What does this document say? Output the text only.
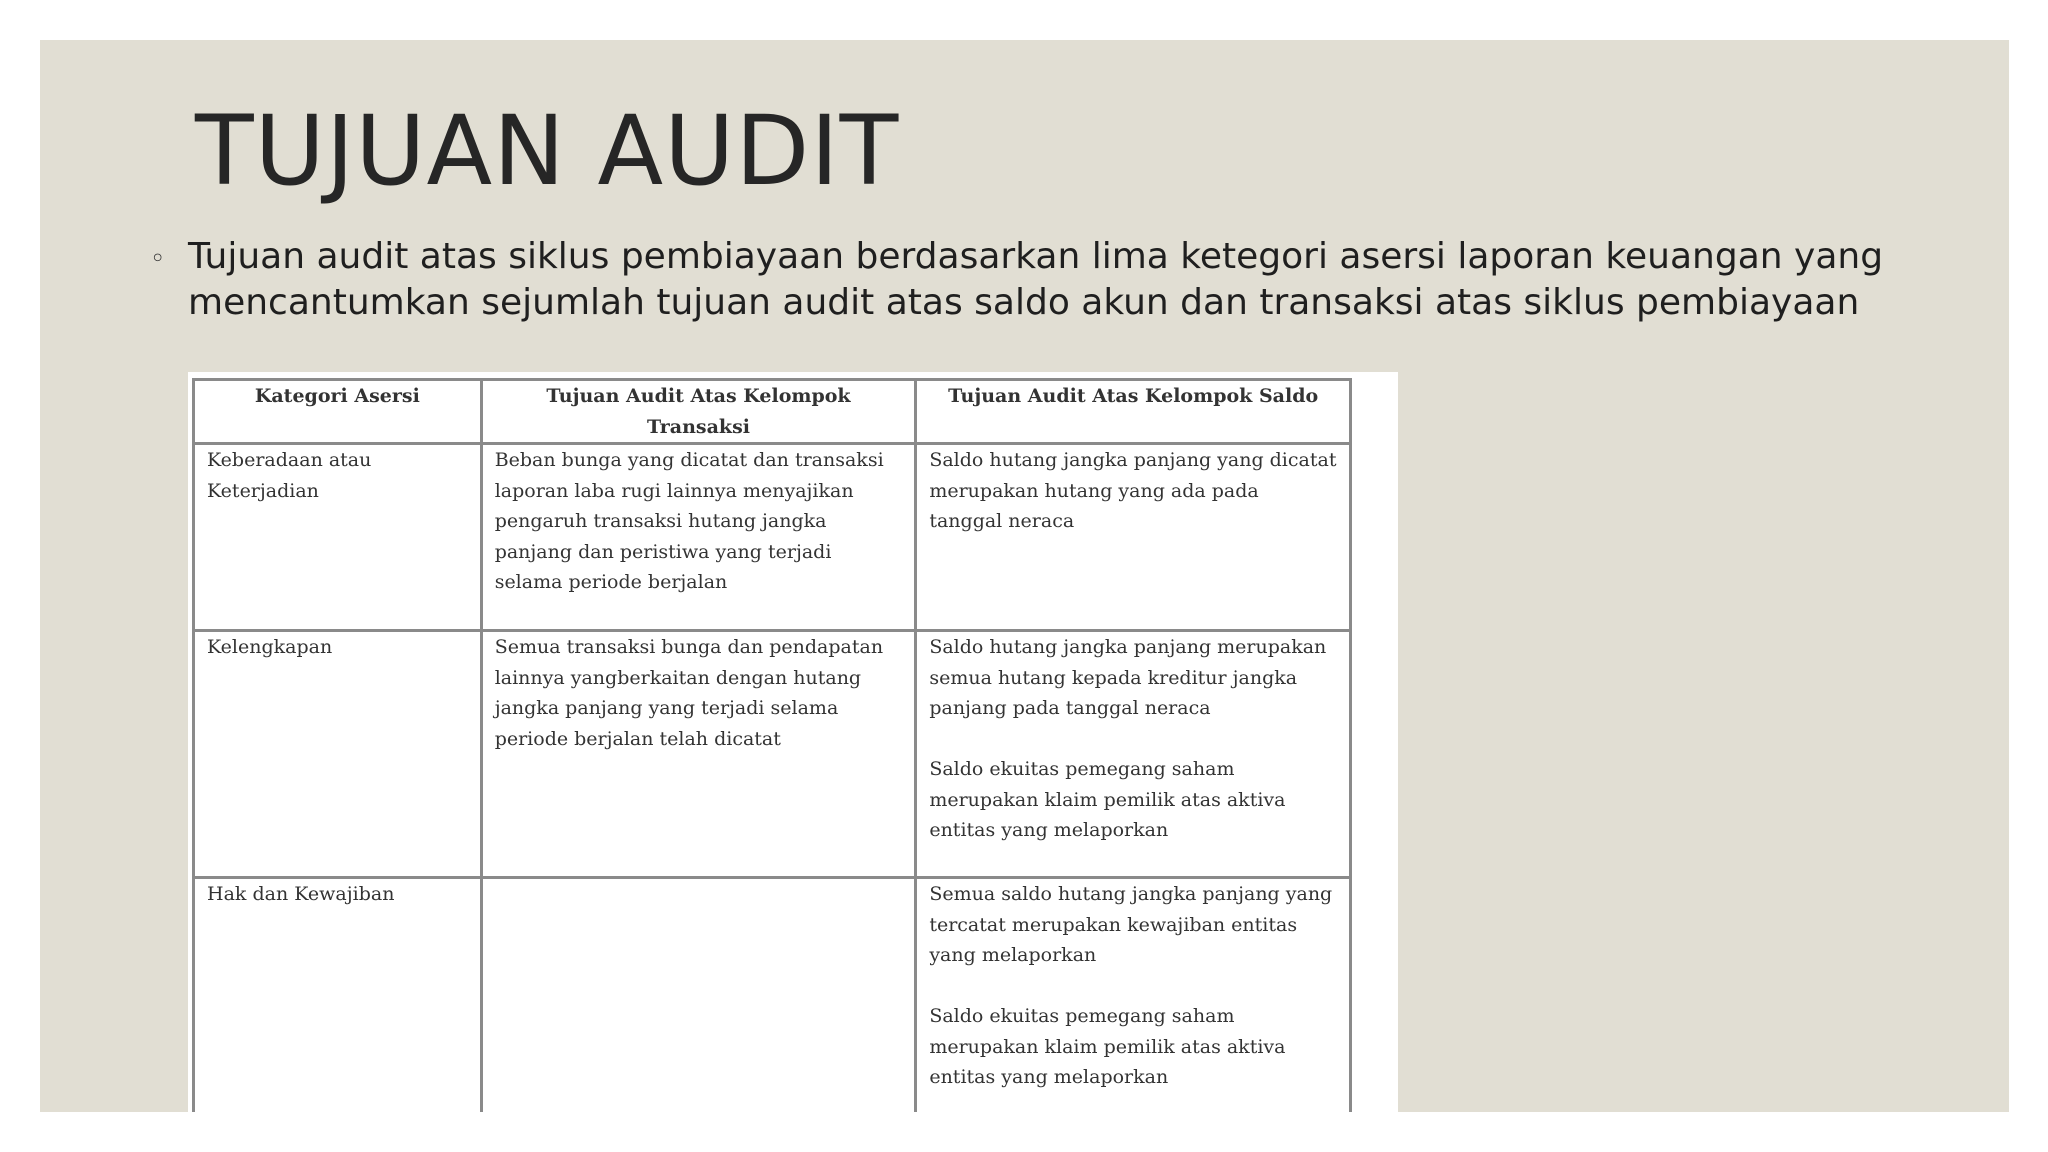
TUJUAN AUDIT
◦ Tujuan audit atas siklus pembiayaan berdasarkan lima ketegori asersi laporan keuangan yang mencantumkan sejumlah tujuan audit atas saldo akun dan transaksi atas siklus pembiayaan
Kategori Asersi	Tujuan Audit Atas Kelompok Transaksi	Tujuan Audit Atas Kelompok Saldo
Keberadaan atau Keterjadian	Beban bunga yang dicatat dan transaksi laporan laba rugi lainnya menyajikan pengaruh transaksi hutang jangka panjang dan peristiwa yang terjadi selama periode berjalan	Saldo hutang jangka panjang yang dicatat merupakan hutang yang ada pada tanggal neraca

Kelengkapan	Semua transaksi bunga dan pendapatan lainnya yangberkaitan dengan hutang jangka panjang yang terjadi selama periode berjalan telah dicatat	Saldo hutang jangka panjang merupakan semua hutang kepada kreditur jangka panjang pada tanggal neraca
Saldo ekuitas pemegang saham merupakan klaim pemilik atas aktiva entitas yang melaporkan

Hak dan Kewajiban		Semua saldo hutang jangka panjang yang tercatat merupakan kewajiban entitas yang melaporkan
Saldo ekuitas pemegang saham merupakan klaim pemilik atas aktiva entitas yang melaporkan
